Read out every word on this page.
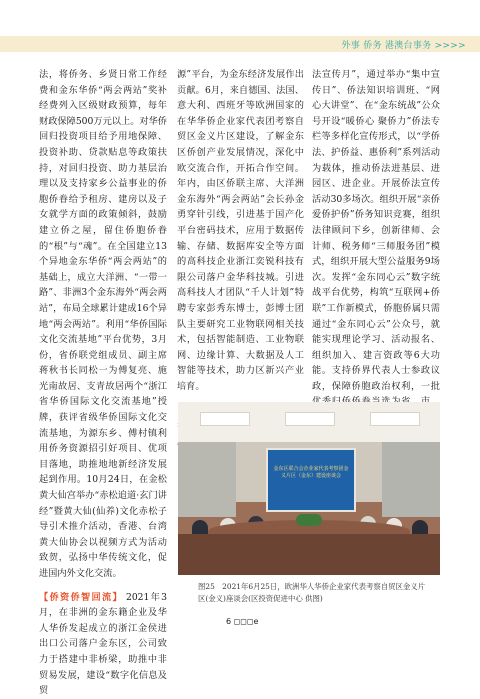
外事 侨务 港澳台事务 >>>>

法，将侨务、乡贤日常工作经费和金东华侨“两会两站”奖补经费列入区级财政预算，每年财政保障500万元以上。对华侨回归投资项目给予用地保障、投资补助、贷款贴息等政策扶持，对回归投资、助力基层治理以及支持家乡公益事业的侨胞侨眷给予租房、建房以及子女就学方面的政策倾斜，鼓励建立侨之屋，留住侨胞侨眷的“根”与“魂”。在全国建立13个异地金东华侨“两会两站”的基础上，成立大洋洲、“一带一路”、非洲3个金东海外“两会两站”，布局全球累计建成16个异地“两会两站”。利用“华侨国际文化交流基地”平台优势，3月份，省侨联党组成员、副主席蒋秋书长同松一为傅复亮、施光南故居、支青故居两个“浙江省华侨国际文化交流基地”授牌，获评省级华侨国际文化交流基地，为源东乡、傅村镇利用侨务资源招引好项目、优项目落地，助推地地新经济发展起到作用。10月24日，在金松黄大仙宫举办“赤松追道·玄门讲经”暨黄大仙(仙养)文化赤松子导引术推介活动，香港、台湾黄大仙协会以视频方式为活动致贺，弘扬中华传统文化，促进国内外文化交流。

【侨资侨智回流】 2021年3月，在非洲的金东籍企业及华人华侨发起成立的浙江金侯进出口公司落户金东区，公司致力于搭建中非桥梁，助推中非贸易发展，建设“数字化信息及贸

源”平台，为金东经济发展作出贡献。6月，来自德国、法国、意大利、西班牙等欧洲国家的在华华侨企业家代表团考察自贸区金义片区建设，了解金东区侨创产业发展情况，深化中欧交流合作，开拓合作空间。年内，由区侨联主席、大洋洲金东海外“两会两站”会长孙金勇穿针引线，引进基于国产化平台密码技术，应用于数据传输、存储、数据库安全等方面的高科技企业浙江奕锐科技有限公司落户金华科技城。引进高科技人才团队“千人计划”特聘专家彭秀东博士，彭博士团队主要研究工业物联网相关技术，包括智能制造、工业物联网、边缘计算、大数据及人工智能等技术，助力区新兴产业培育。

法宣传月”，通过举办“集中宣传日”、侨法知识培训班、“网心大讲堂”、在“金东统战”公众号开设“暖侨心 聚侨力”侨法专栏等多样化宣传形式，以“学侨法、护侨益、惠侨利”系列活动为载体，推动侨法进基层、进园区、进企业。开展侨法宣传活动30多场次。组织开展“亲侨爱侨护侨”侨务知识竞赛，组织法律顾问下乡，创新律师、会计师、税务师“三师服务团”模式，组织开展大型公益服务9场次。发挥“金东同心云”数字统战平台优势，构筑“互联网+侨联”工作新模式，侨胞侨属只需通过“金东同心云”公众号，就能实现理论学习、活动报名、组织加入、建言资政等6大功能。支持侨界代表人士参政议政，保障侨胞政治权利，一批

金东区联合会企业家代表考察团金义片区（金东）建设座谈会
图25　2021年6月25日，欧洲华人华侨企业家代表考察自贸区金义片区(金义)座谈会(区投资促进中心 供图)
6 ◻◻◻e
